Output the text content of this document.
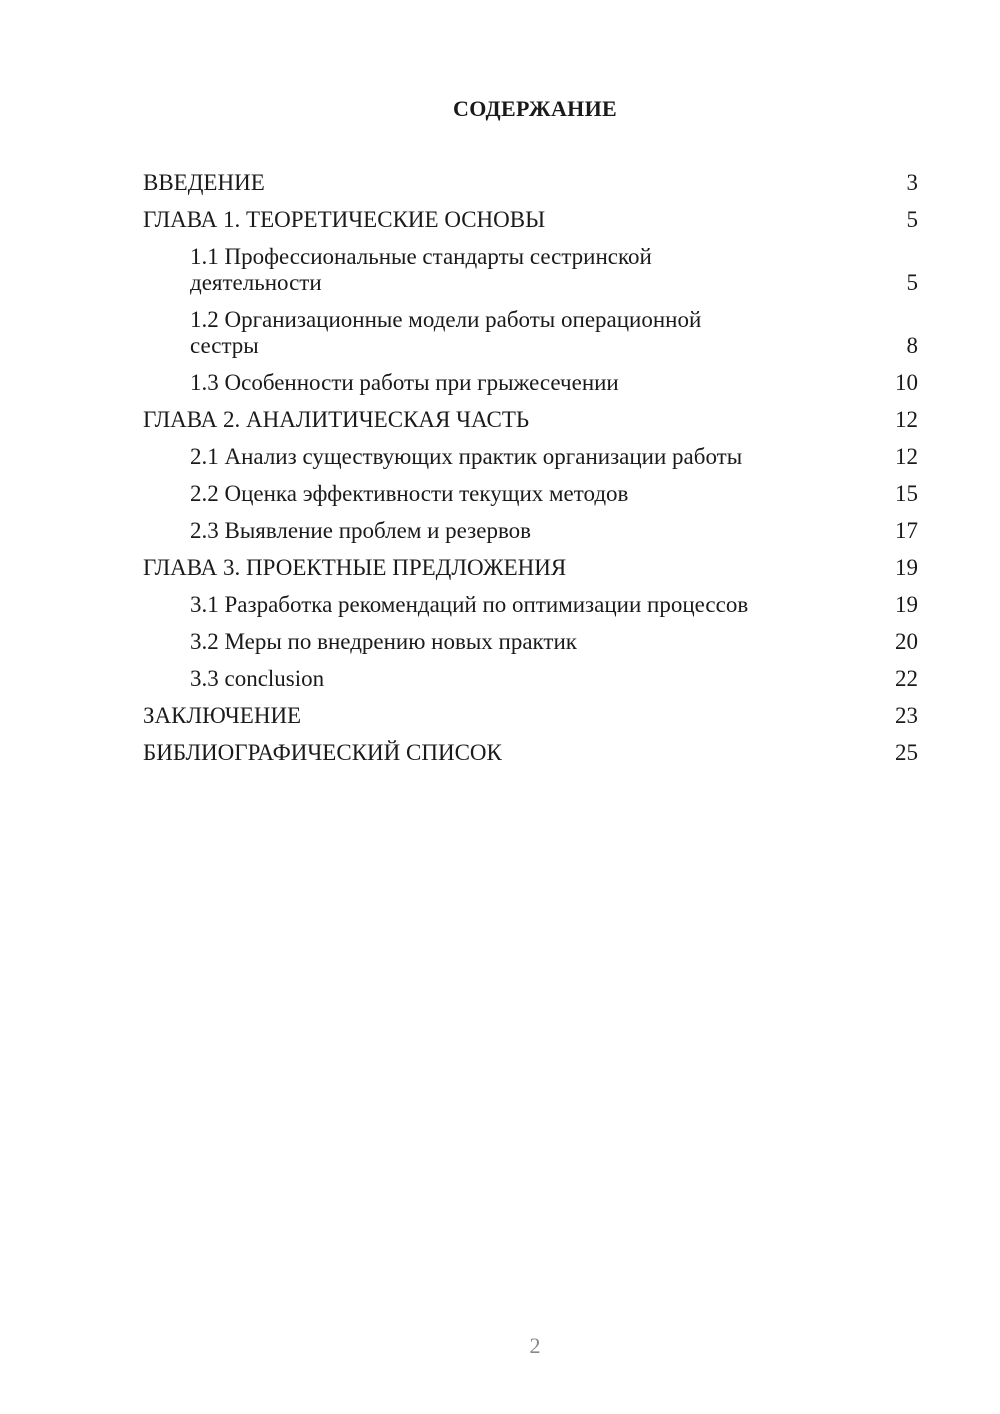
СОДЕРЖАНИЕ
ВВЕДЕНИЕ	3
ГЛАВА 1. ТЕОРЕТИЧЕСКИЕ ОСНОВЫ	5
1.1 Профессиональные стандарты сестринской деятельности	5
1.2 Организационные модели работы операционной сестры	8
1.3 Особенности работы при грыжесечении	10
ГЛАВА 2. АНАЛИТИЧЕСКАЯ ЧАСТЬ	12
2.1 Анализ существующих практик организации работы	12
2.2 Оценка эффективности текущих методов	15
2.3 Выявление проблем и резервов	17
ГЛАВА 3. ПРОЕКТНЫЕ ПРЕДЛОЖЕНИЯ	19
3.1 Разработка рекомендаций по оптимизации процессов	19
3.2 Меры по внедрению новых практик	20
3.3 conclusion	22
ЗАКЛЮЧЕНИЕ	23
БИБЛИОГРАФИЧЕСКИЙ СПИСОК	25
2
